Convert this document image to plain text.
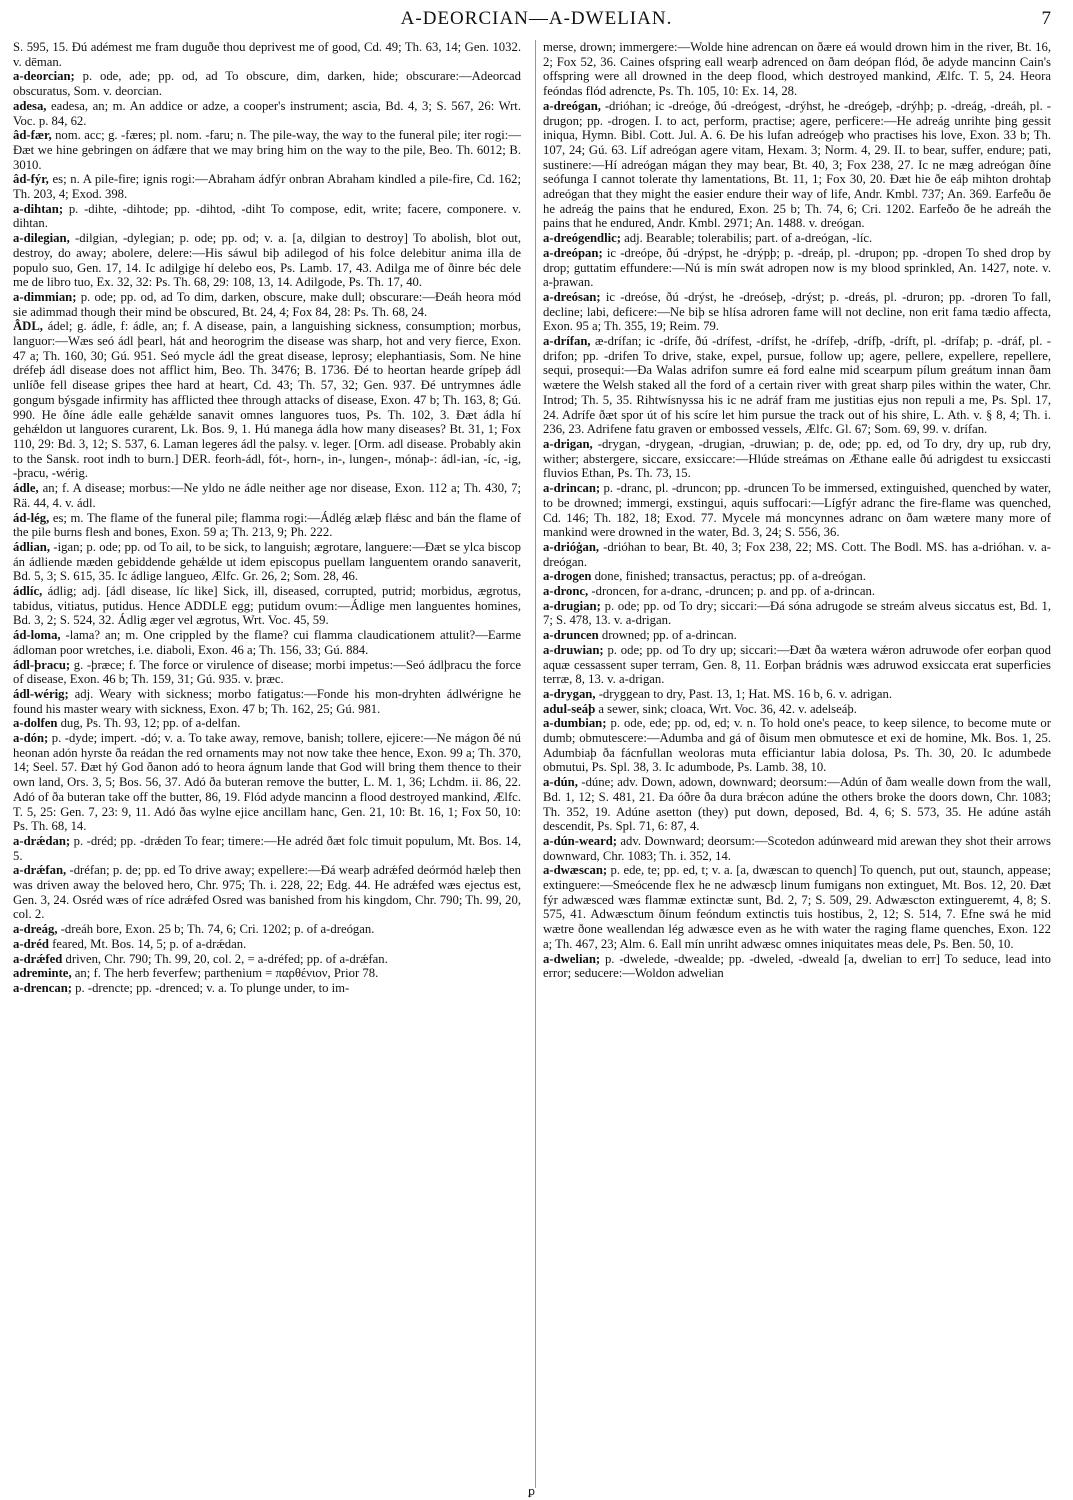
A-DEORCIAN—A-DWELIAN.	7

S. 595, 15. Ðú adémest me fram duguðe thou deprivest me of good, Cd. 49; Th. 63, 14; Gen. 1032. v. dēman.

a-deorcian; p. ode, ade; pp. od, ad To obscure, dim, darken, hide; obscurare:—Adeorcad obscuratus, Som. v. deorcian.

adesa, eadesa, an; m. An addice or adze, a cooper's instrument; ascia, Bd. 4, 3; S. 567, 26: Wrt. Voc. p. 84, 62.

âd-fær, nom. acc; g. -færes; pl. nom. -faru; n. The pile-way, the way to the funeral pile; iter rogi:—Ðæt we hine gebringen on ádfære that we may bring him on the way to the pile, Beo. Th. 6012; B. 3010.

âd-fýr, es; n. A pile-fire; ignis rogi:—Abraham ádfýr onbran Abraham kindled a pile-fire, Cd. 162; Th. 203, 4; Exod. 398.

a-dihtan; p. -dihte, -dihtode; pp. -dihtod, -diht To compose, edit, write; facere, componere. v. dihtan.

a-dilegian, -dilgian, -dylegian; p. ode; pp. od; v. a. [a, dilgian to destroy] To abolish, blot out, destroy, do away; abolere, delere:—His sáwul biþ adilegod of his folce delebitur anima illa de populo suo, Gen. 17, 14. Ic adilgige hí delebo eos, Ps. Lamb. 17, 43. Adilga me of ðinre béc dele me de libro tuo, Ex. 32, 32: Ps. Th. 68, 29: 108, 13, 14. Adilgode, Ps. Th. 17, 40.

a-dimmian; p. ode; pp. od, ad To dim, darken, obscure, make dull; obscurare:—Ðeáh heora mód sie adimmad though their mind be obscured, Bt. 24, 4; Fox 84, 28: Ps. Th. 68, 24.

ÂDL, ádel; g. ádle, f: ádle, an; f. A disease, pain, a languishing sickness, consumption; morbus, languor:—Wæs seó ádl þearl, hát and heorogrim the disease was sharp, hot and very fierce, Exon. 47 a; Th. 160, 30; Gú. 951. Seó mycle ádl the great disease, leprosy; elephantiasis, Som. Ne hine dréfeþ ádl disease does not afflict him, Beo. Th. 3476; B. 1736. Ðé to heortan hearde grípeþ ádl unlíðe fell disease gripes thee hard at heart, Cd. 43; Th. 57, 32; Gen. 937. Ðé untrymnes ádle gongum býsgade infirmity has afflicted thee through attacks of disease, Exon. 47 b; Th. 163, 8; Gú. 990. He ðíne ádle ealle gehǽlde sanavit omnes languores tuos, Ps. Th. 102, 3. Ðæt ádla hí gehǽldon ut languores curarent, Lk. Bos. 9, 1. Hú manega ádla how many diseases? Bt. 31, 1; Fox 110, 29: Bd. 3, 12; S. 537, 6. Laman legeres ádl the palsy. v. leger. [Orm. adl disease. Probably akin to the Sansk. root indh to burn.] DER. feorh-ádl, fót-, horn-, in-, lungen-, mónaþ-: ádl-ian, -íc, -ig, -þracu, -wérig.

ádle, an; f. A disease; morbus:—Ne yldo ne ádle neither age nor disease, Exon. 112 a; Th. 430, 7; Rä. 44, 4. v. ádl.

ád-lég, es; m. The flame of the funeral pile; flamma rogi:—Ádlég ælæþ flǽsc and bán the flame of the pile burns flesh and bones, Exon. 59 a; Th. 213, 9; Ph. 222.

ádlian, -igan; p. ode; pp. od To ail, to be sick, to languish; ægrotare, languere:—Ðæt se ylca biscop án ádliende mæden gebiddende gehǽlde ut idem episcopus puellam languentem orando sanaverit, Bd. 5, 3; S. 615, 35. Ic ádlige langueo, Ælfc. Gr. 26, 2; Som. 28, 46.

ádlíc, ádlig; adj. [ádl disease, líc like] Sick, ill, diseased, corrupted, putrid; morbidus, ægrotus, tabidus, vitiatus, putidus. Hence ADDLE egg; putidum ovum:—Ádlige men languentes homines, Bd. 3, 2; S. 524, 32. Ádlig æger vel ægrotus, Wrt. Voc. 45, 59.

ád-loma, -lama? an; m. One crippled by the flame? cui flamma claudicationem attulit?—Earme ádloman poor wretches, i.e. diaboli, Exon. 46 a; Th. 156, 33; Gú. 884.

ádl-þracu; g. -þræce; f. The force or virulence of disease; morbi impetus:—Seó ádlþracu the force of disease, Exon. 46 b; Th. 159, 31; Gú. 935. v. þræc.

ádl-wérig; adj. Weary with sickness; morbo fatigatus:—Fonde his mon-dryhten ádlwérigne he found his master weary with sickness, Exon. 47 b; Th. 162, 25; Gú. 981.

a-dolfen dug, Ps. Th. 93, 12; pp. of a-delfan.

a-dón; p. -dyde; impert. -dó; v. a. To take away, remove, banish; tollere, ejicere:—Ne mágon ðé nú heonan adón hyrste ða reádan the red ornaments may not now take thee hence, Exon. 99 a; Th. 370, 14; Seel. 57. Ðæt hý God ðanon adó to heora ágnum lande that God will bring them thence to their own land, Ors. 3, 5; Bos. 56, 37. Adó ða buteran remove the butter, L. M. 1, 36; Lchdm. ii. 86, 22. Adó of ða buteran take off the butter, 86, 19. Flód adyde mancinn a flood destroyed mankind, Ælfc. T. 5, 25: Gen. 7, 23: 9, 11. Adó ðas wylne ejice ancillam hanc, Gen. 21, 10: Bt. 16, 1; Fox 50, 10: Ps. Th. 68, 14.

a-drǽdan; p. -dréd; pp. -drǽden To fear; timere:—He adréd ðæt folc timuit populum, Mt. Bos. 14, 5.

a-drǽfan, -dréfan; p. de; pp. ed To drive away; expellere:—Ðá wearþ adrǽfed deórmód hæleþ then was driven away the beloved hero, Chr. 975; Th. i. 228, 22; Edg. 44. He adrǽfed wæs ejectus est, Gen. 3, 24. Osréd wæs of ríce adrǽfed Osred was banished from his kingdom, Chr. 790; Th. 99, 20, col. 2.

a-dreág, -dreáh bore, Exon. 25 b; Th. 74, 6; Cri. 1202; p. of a-dreógan.

a-dréd feared, Mt. Bos. 14, 5; p. of a-drǽdan.

a-drǽfed driven, Chr. 790; Th. 99, 20, col. 2, = a-dréfed; pp. of a-drǽfan.

adreminte, an; f. The herb feverfew; parthenium = παρθένιον, Prior 78.

a-drencan; p. -drencte; pp. -drenced; v. a. To plunge under, to im-

merse, drown; immergere:—Wolde hine adrencan on ðære eá would drown him in the river, Bt. 16, 2; Fox 52, 36. Caines ofspring eall wearþ adrenced on ðam deópan flód, ðe adyde mancinn Cain's offspring were all drowned in the deep flood, which destroyed mankind, Ælfc. T. 5, 24. Heora feóndas flód adrencte, Ps. Th. 105, 10: Ex. 14, 28.

a-dreógan, -drióhan; ic -dreóge, ðú -dreógest, -drýhst, he -dreógeþ, -drýhþ; p. -dreág, -dreáh, pl. -drugon; pp. -drogen. I. to act, perform, practise; agere, perficere:—He adreág unrihte þing gessit iniqua, Hymn. Bibl. Cott. Jul. A. 6. Ðe his lufan adreógeþ who practises his love, Exon. 33 b; Th. 107, 24; Gú. 63. Líf adreógan agere vitam, Hexam. 3; Norm. 4, 29. II. to bear, suffer, endure; pati, sustinere:—Hí adreógan mágan they may bear, Bt. 40, 3; Fox 238, 27. Ic ne mæg adreógan ðíne seófunga I cannot tolerate thy lamentations, Bt. 11, 1; Fox 30, 20. Ðæt hie ðe eáþ mihton drohtaþ adreógan that they might the easier endure their way of life, Andr. Kmbl. 737; An. 369. Earfeðu ðe he adreág the pains that he endured, Exon. 25 b; Th. 74, 6; Cri. 1202. Earfeðo ðe he adreáh the pains that he endured, Andr. Kmbl. 2971; An. 1488. v. dreógan.

a-dreógendlic; adj. Bearable; tolerabilis; part. of a-dreógan, -líc.

a-dreópan; ic -dreópe, ðú -drýpst, he -drýpþ; p. -dreáp, pl. -drupon; pp. -dropen To shed drop by drop; guttatim effundere:—Nú is mín swát adropen now is my blood sprinkled, An. 1427, note. v. a-þrawan.

a-dreósan; ic -dreóse, ðú -drýst, he -dreóseþ, -drýst; p. -dreás, pl. -druron; pp. -droren To fall, decline; labi, deficere:—Ne biþ se hlísa adroren fame will not decline, non erit fama tædio affecta, Exon. 95 a; Th. 355, 19; Reim. 79.

a-drífan, æ-drífan; ic -drífe, ðú -drífest, -drífst, he -drífeþ, -drífþ, -dríft, pl. -drífaþ; p. -dráf, pl. -drifon; pp. -drifen To drive, stake, expel, pursue, follow up; agere, pellere, expellere, repellere, sequi, prosequi:—Ða Walas adrifon sumre eá ford ealne mid scearpum pílum greátum innan ðam wætere the Welsh staked all the ford of a certain river with great sharp piles within the water, Chr. Introd; Th. 5, 35. Rihtwísnyssa his ic ne adráf fram me justitias ejus non repuli a me, Ps. Spl. 17, 24. Adrífe ðæt spor út of his scíre let him pursue the track out of his shire, L. Ath. v. § 8, 4; Th. i. 236, 23. Adrifene fatu graven or embossed vessels, Ælfc. Gl. 67; Som. 69, 99. v. drífan.

a-drigan, -drygan, -drygean, -drugian, -druwian; p. de, ode; pp. ed, od To dry, dry up, rub dry, wither; abstergere, siccare, exsiccare:—Hlúde streámas on Æthane ealle ðú adrigdest tu exsiccasti fluvios Ethan, Ps. Th. 73, 15.

a-drincan; p. -dranc, pl. -druncon; pp. -druncen To be immersed, extinguished, quenched by water, to be drowned; immergi, exstingui, aquis suffocari:—Lígfýr adranc the fire-flame was quenched, Cd. 146; Th. 182, 18; Exod. 77. Mycele má moncynnes adranc on ðam wætere many more of mankind were drowned in the water, Bd. 3, 24; S. 556, 36.

a-drióġan, -drióhan to bear, Bt. 40, 3; Fox 238, 22; MS. Cott. The Bodl. MS. has a-drióhan. v. a-dreógan.

a-drogen done, finished; transactus, peractus; pp. of a-dreógan.

a-dronc, -droncen, for a-dranc, -druncen; p. and pp. of a-drincan.

a-drugian; p. ode; pp. od To dry; siccari:—Ðá sóna adrugode se streám alveus siccatus est, Bd. 1, 7; S. 478, 13. v. a-drigan.

a-druncen drowned; pp. of a-drincan.

a-druwian; p. ode; pp. od To dry up; siccari:—Ðæt ða wætera wǽron adruwode ofer eorþan quod aquæ cessassent super terram, Gen. 8, 11. Eorþan brádnis wæs adruwod exsiccata erat superficies terræ, 8, 13. v. a-drigan.

a-drygan, -dryggean to dry, Past. 13, 1; Hat. MS. 16 b, 6. v. adrigan.

adul-seáþ a sewer, sink; cloaca, Wrt. Voc. 36, 42. v. adelseáþ.

a-dumbian; p. ode, ede; pp. od, ed; v. n. To hold one's peace, to keep silence, to become mute or dumb; obmutescere:—Adumba and gá of ðisum men obmutesce et exi de homine, Mk. Bos. 1, 25. Adumbiaþ ða fácnfullan weoloras muta efficiantur labia dolosa, Ps. Th. 30, 20. Ic adumbede obmutui, Ps. Spl. 38, 3. Ic adumbode, Ps. Lamb. 38, 10.

a-dún, -dúne; adv. Down, adown, downward; deorsum:—Adún of ðam wealle down from the wall, Bd. 1, 12; S. 481, 21. Ða óðre ða dura brǽcon adúne the others broke the doors down, Chr. 1083; Th. 352, 19. Adúne asetton (they) put down, deposed, Bd. 4, 6; S. 573, 35. He adúne astáh descendit, Ps. Spl. 71, 6: 87, 4.

a-dún-weard; adv. Downward; deorsum:—Scotedon adúnweard mid arewan they shot their arrows downward, Chr. 1083; Th. i. 352, 14.

a-dwæscan; p. ede, te; pp. ed, t; v. a. [a, dwæscan to quench] To quench, put out, staunch, appease; extinguere:—Smeócende flex he ne adwæscþ linum fumigans non extinguet, Mt. Bos. 12, 20. Ðæt fýr adwæsced wæs flammæ extinctæ sunt, Bd. 2, 7; S. 509, 29. Adwæscton extingueremt, 4, 8; S. 575, 41. Adwæsctum ðínum feóndum extinctis tuis hostibus, 2, 12; S. 514, 7. Efne swá he mid wætre ðone weallendan lég adwæsce even as he with water the raging flame quenches, Exon. 122 a; Th. 467, 23; Alm. 6. Eall mín unriht adwæsc omnes iniquitates meas dele, Ps. Ben. 50, 10.

a-dwelian; p. -dwelede, -dwealde; pp. -dweled, -dweald [a, dwelian to err] To seduce, lead into error; seducere:—Woldon adwelian

ꝑ
